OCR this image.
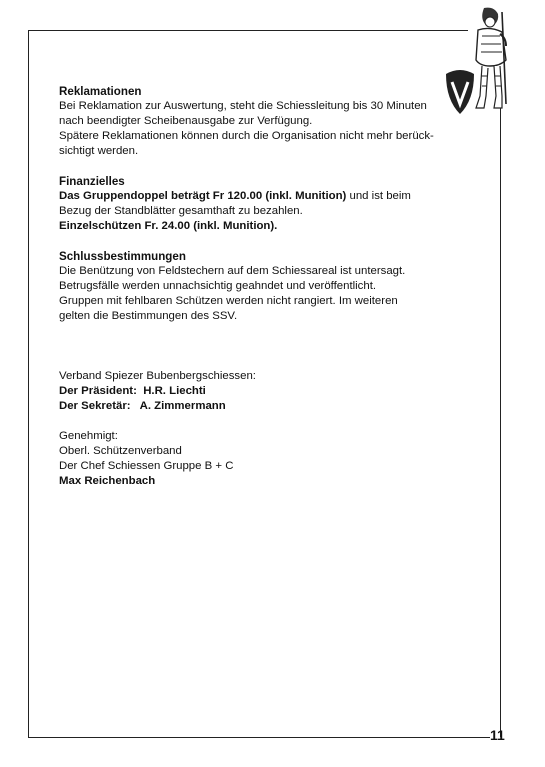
11

Reklamationen

Bei Reklamation zur Auswertung, steht die Schiessleitung bis 30 Minuten

nach beendigter Scheibenausgabe zur Verfügung.

Spätere Reklamationen können durch die Organisation nicht mehr berück-

sichtigt werden.

Finanzielles

Das Gruppendoppel beträgt Fr 120.00 (inkl. Munition) und ist beim

Bezug der Standblätter gesamthaft zu bezahlen.

Einzelschützen Fr. 24.00 (inkl. Munition).

Schlussbestimmungen

Die Benützung von Feldstechern auf dem Schiessareal ist untersagt.

Betrugsfälle werden unnachsichtig geahndet und veröffentlicht.

Gruppen mit fehlbaren Schützen werden nicht rangiert. Im weiteren

gelten die Bestimmungen des SSV.

Verband Spiezer Bubenbergschiessen:

Der Präsident:  H.R. Liechti

Der Sekretär:   A. Zimmermann

Genehmigt:

Oberl. Schützenverband

Der Chef Schiessen Gruppe B + C

Max Reichenbach
